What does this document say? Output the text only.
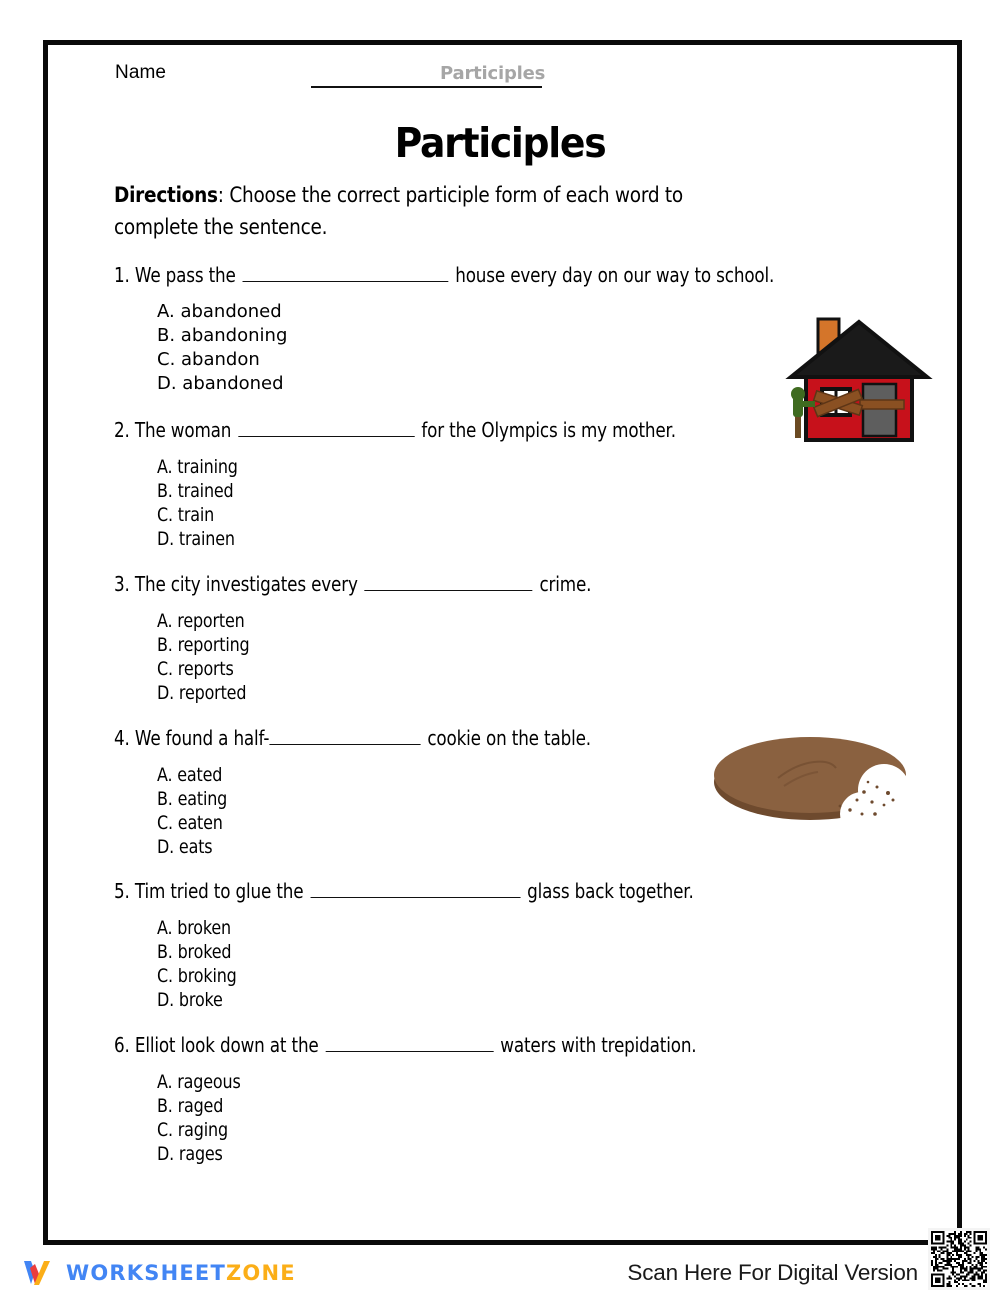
Name	Participles
Participles
Directions: Choose the correct participle form of each word to complete the sentence.
1. We pass the	house every day on our way to school.
A. abandoned
B. abandoning
C. abandon
D. abandoned
2. The woman	for the Olympics is my mother.
A. training
B. trained
C. train
D. trainen
3. The city investigates every	crime.
A. reporten
B. reporting
C. reports
D. reported
4. We found a half-	cookie on the table.
A. eated
B. eating
C. eaten
D. eats
5. Tim tried to glue the	glass back together.
A. broken
B. broked
C. broking
D. broke
6. Elliot look down at the	waters with trepidation.
A. rageous
B. raged
C. raging
D. rages
WORKSHEETZONE	Scan Here For Digital Version
